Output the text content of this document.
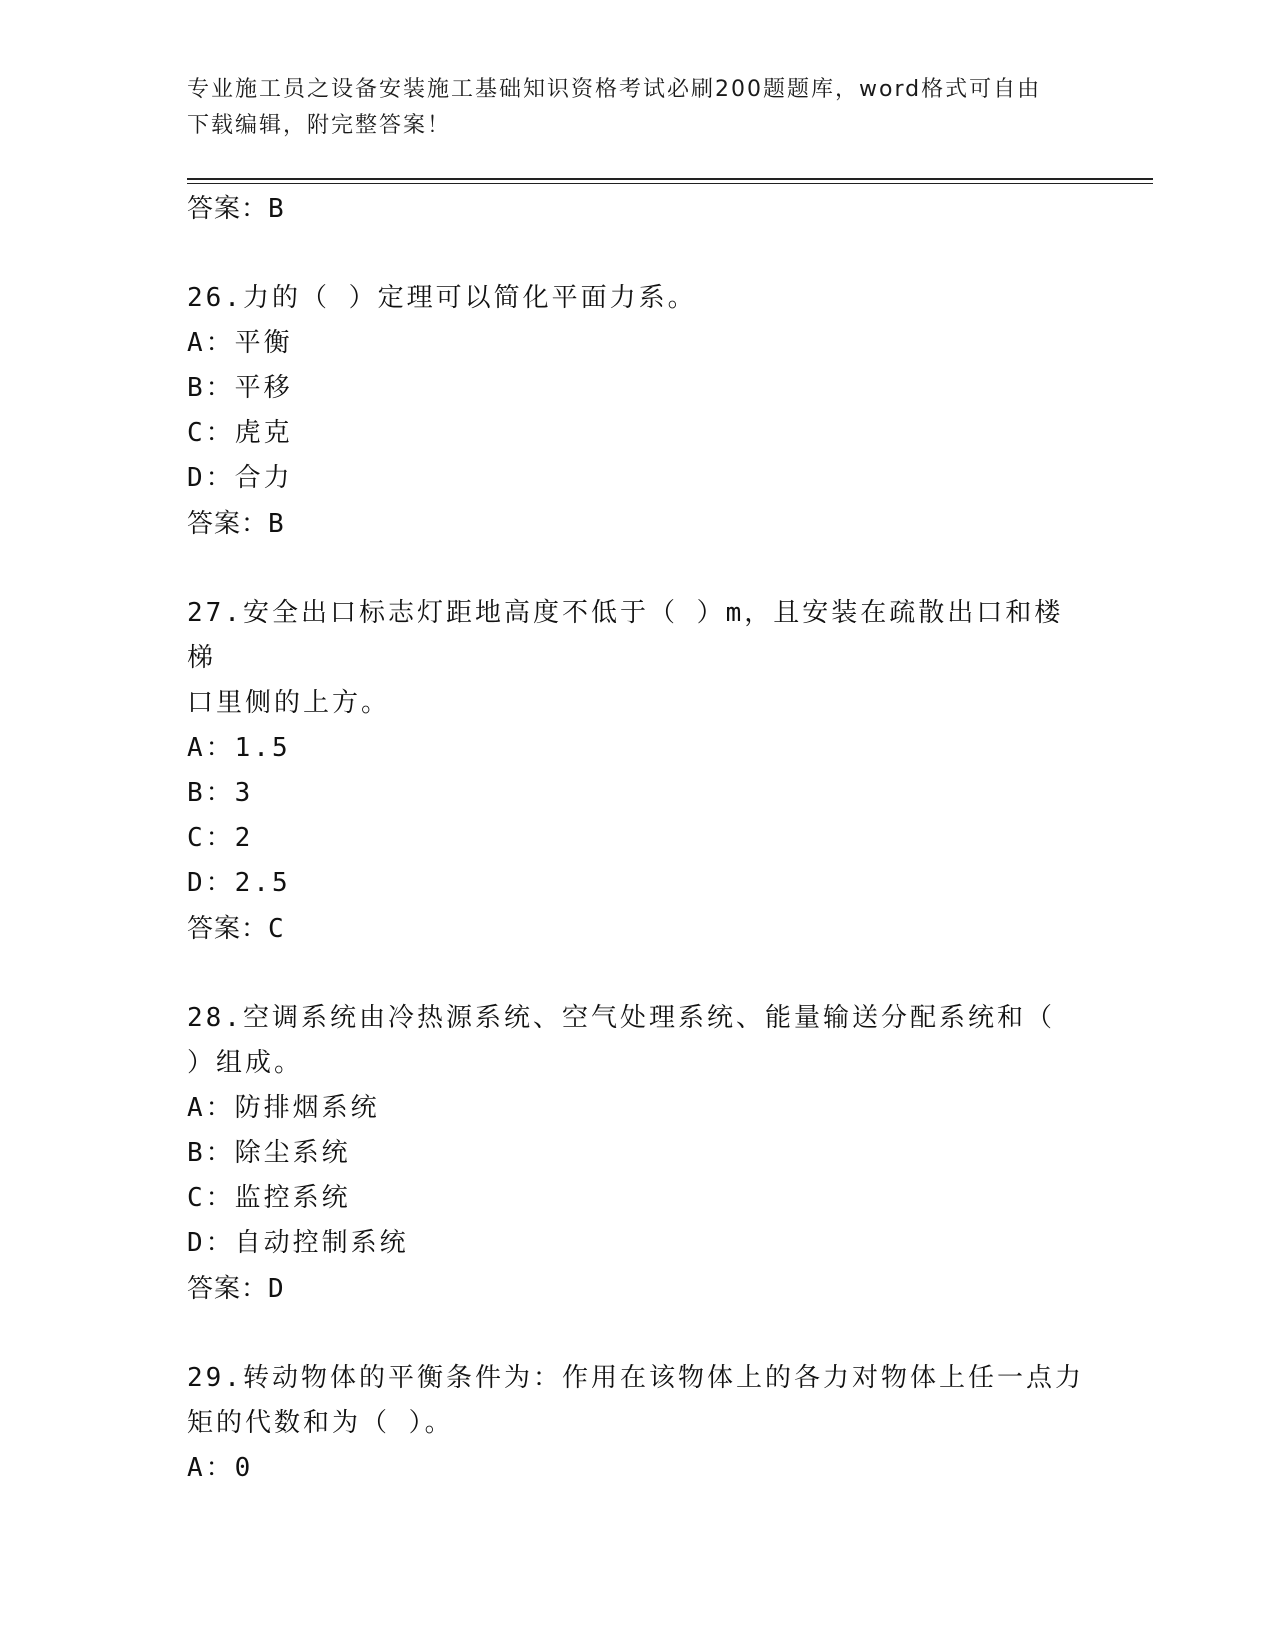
专业施工员之设备安装施工基础知识资格考试必刷200题题库，word格式可自由
下载编辑，附完整答案！

答案：B

26.力的（ ）定理可以简化平面力系。

A：平衡

B：平移

C：虎克

D：合力

答案：B

27.安全出口标志灯距地高度不低于（ ）m，且安装在疏散出口和楼梯

口里侧的上方。

A：1.5

B：3

C：2

D：2.5

答案：C

28.空调系统由冷热源系统、空气处理系统、能量输送分配系统和（

）组成。

A：防排烟系统

B：除尘系统

C：监控系统

D：自动控制系统

答案：D

29.转动物体的平衡条件为：作用在该物体上的各力对物体上任一点力

矩的代数和为（ ）。

A：0
